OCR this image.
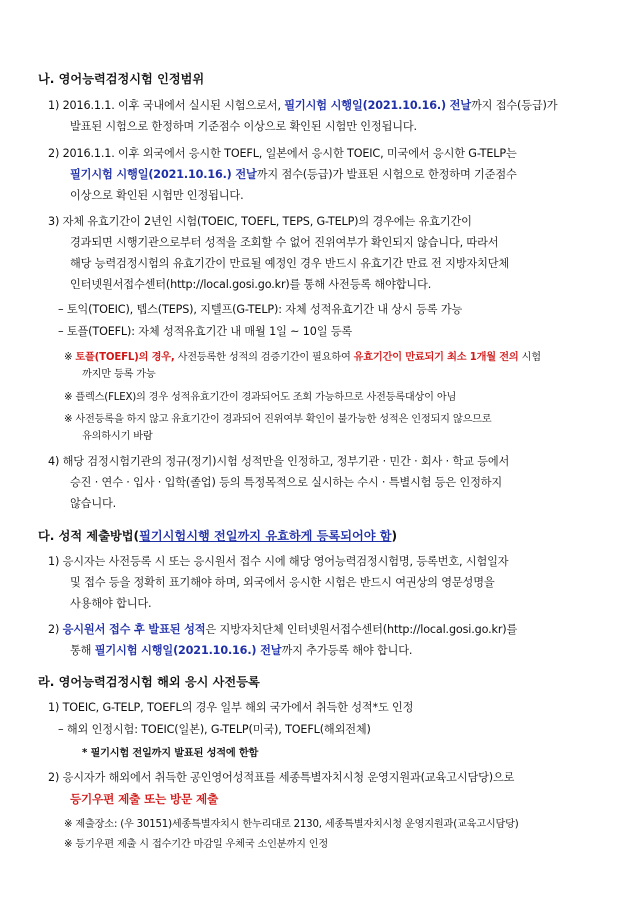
나. 영어능력검정시험 인정범위
1) 2016.1.1. 이후 국내에서 실시된 시험으로서, 필기시험 시행일(2021.10.16.) 전날까지 접수(등급)가
발표된 시험으로 한정하며 기준점수 이상으로 확인된 시험만 인정됩니다.
2) 2016.1.1. 이후 외국에서 응시한 TOEFL, 일본에서 응시한 TOEIC, 미국에서 응시한 G-TELP는
필기시험 시행일(2021.10.16.) 전날까지 점수(등급)가 발표된 시험으로 한정하며 기준점수
이상으로 확인된 시험만 인정됩니다.
3) 자체 유효기간이 2년인 시험(TOEIC, TOEFL, TEPS, G-TELP)의 경우에는 유효기간이
경과되면 시행기관으로부터 성적을 조회할 수 없어 진위여부가 확인되지 않습니다, 따라서
해당 능력검정시험의 유효기간이 만료될 예정인 경우 반드시 유효기간 만료 전 지방자치단체
인터넷원서접수센터(http://local.gosi.go.kr)를 통해 사전등록 해야합니다.
– 토익(TOEIC), 텝스(TEPS), 지텔프(G-TELP): 자체 성적유효기간 내 상시 등록 가능
– 토플(TOEFL): 자체 성적유효기간 내 매월 1일 ~ 10일 등록
※ 토플(TOEFL)의 경우, 사전등록한 성적의 검증기간이 필요하여 유효기간이 만료되기 최소 1개월 전의 시험
까지만 등록 가능
※ 플렉스(FLEX)의 경우 성적유효기간이 경과되어도 조회 가능하므로 사전등록대상이 아님
※ 사전등록을 하지 않고 유효기간이 경과되어 진위여부 확인이 불가능한 성적은 인정되지 않으므로
유의하시기 바람
4) 해당 검정시험기관의 정규(정기)시험 성적만을 인정하고, 정부기관 · 민간 · 회사 · 학교 등에서
승진 · 연수 · 입사 · 입학(졸업) 등의 특정목적으로 실시하는 수시 · 특별시험 등은 인정하지
않습니다.
다. 성적 제출방법(필기시험시행 전일까지 유효하게 등록되어야 함)
1) 응시자는 사전등록 시 또는 응시원서 접수 시에 해당 영어능력검정시험명, 등록번호, 시험일자
및 접수 등을 정확히 표기해야 하며, 외국에서 응시한 시험은 반드시 여권상의 영문성명을
사용해야 합니다.
2) 응시원서 접수 후 발표된 성적은 지방자치단체 인터넷원서접수센터(http://local.gosi.go.kr)를
통해 필기시험 시행일(2021.10.16.) 전날까지 추가등록 해야 합니다.
라. 영어능력검정시험 해외 응시 사전등록
1) TOEIC, G-TELP, TOEFL의 경우 일부 해외 국가에서 취득한 성적*도 인정
– 해외 인정시험: TOEIC(일본), G-TELP(미국), TOEFL(해외전체)
* 필기시험 전일까지 발표된 성적에 한함
2) 응시자가 해외에서 취득한 공인영어성적표를 세종특별자치시청 운영지원과(교육고시담당)으로
등기우편 제출 또는 방문 제출
※ 제출장소: (우 30151)세종특별자치시 한누리대로 2130, 세종특별자치시청 운영지원과(교육고시담당)
※ 등기우편 제출 시 접수기간 마감일 우체국 소인분까지 인정
